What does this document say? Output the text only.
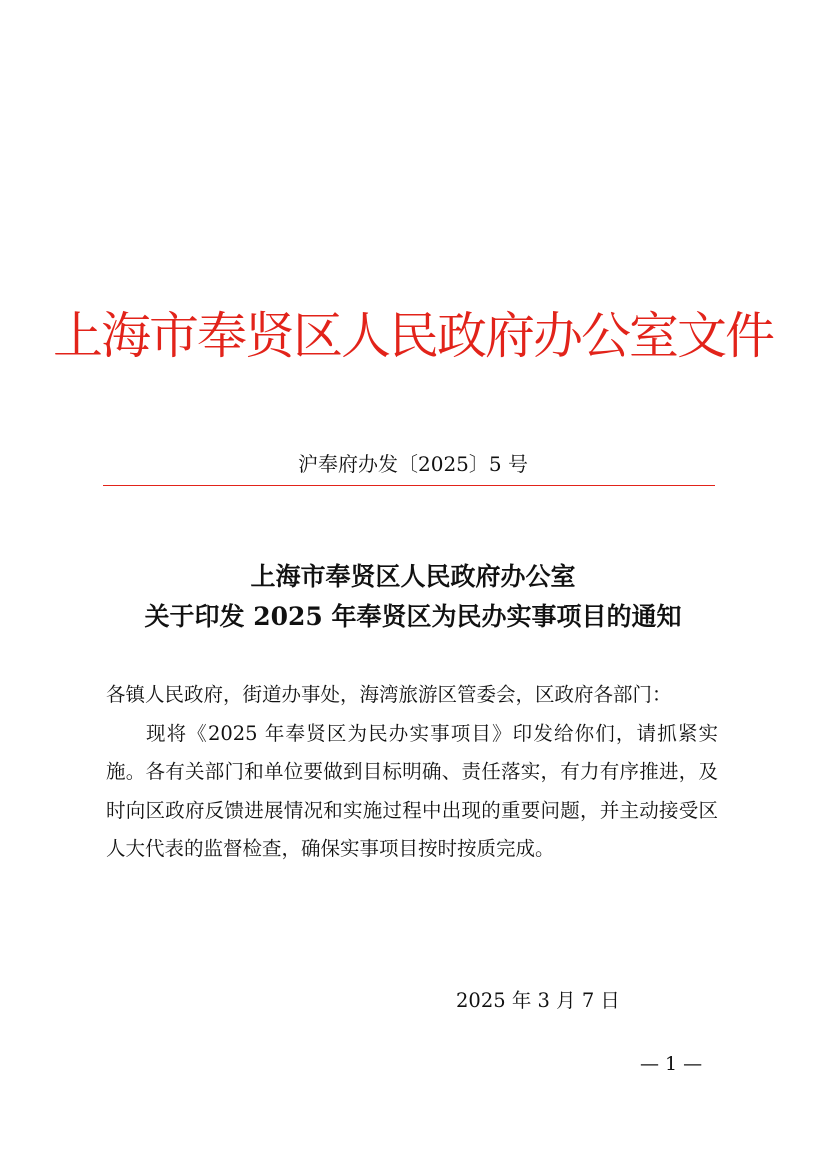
上海市奉贤区人民政府办公室文件
沪奉府办发〔2025〕5 号
上海市奉贤区人民政府办公室
关于印发 2025 年奉贤区为民办实事项目的通知
各镇人民政府，街道办事处，海湾旅游区管委会，区政府各部门：
现将《2025 年奉贤区为民办实事项目》印发给你们，请抓紧实施。各有关部门和单位要做到目标明确、责任落实，有力有序推进，及时向区政府反馈进展情况和实施过程中出现的重要问题，并主动接受区人大代表的监督检查，确保实事项目按时按质完成。
2025 年 3 月 7 日
— 1 —
